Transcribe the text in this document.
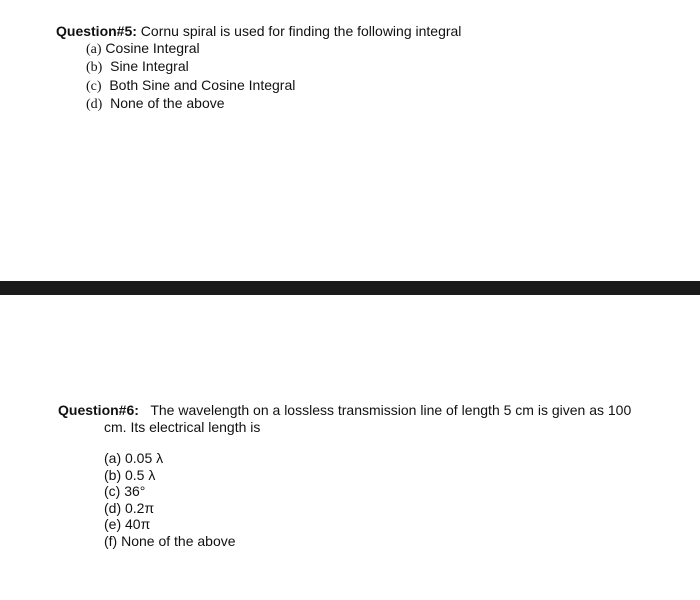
Question#5: Cornu spiral is used for finding the following integral
(a) Cosine Integral
(b)  Sine Integral
(c)  Both Sine and Cosine Integral
(d)  None of the above
Question#6:   The wavelength on a lossless transmission line of length 5 cm is given as 100
cm. Its electrical length is
(a) 0.05 λ
(b) 0.5 λ
(c) 36°
(d) 0.2π
(e) 40π
(f) None of the above
